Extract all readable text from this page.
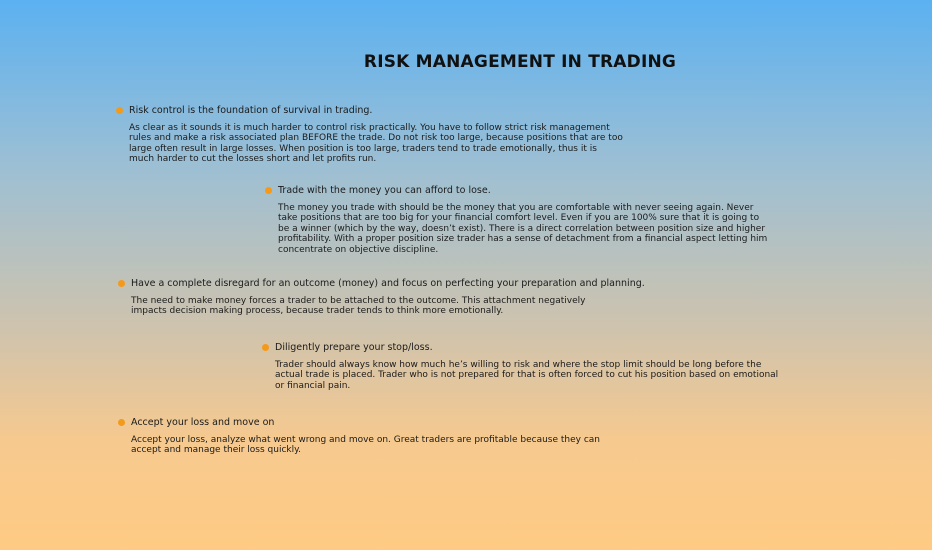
RISK MANAGEMENT IN TRADING
Risk control is the foundation of survival in trading.
As clear as it sounds it is much harder to control risk practically. You have to follow strict risk management rules and make a risk associated plan BEFORE the trade. Do not risk too large, because positions that are too large often result in large losses. When position is too large, traders tend to trade emotionally, thus it is much harder to cut the losses short and let profits run.
Trade with the money you can afford to lose.
The money you trade with should be the money that you are comfortable with never seeing again. Never take positions that are too big for your financial comfort level. Even if you are 100% sure that it is going to be a winner (which by the way, doesn’t exist). There is a direct correlation between position size and higher profitability. With a proper position size trader has a sense of detachment from a financial aspect letting him concentrate on objective discipline.
Have a complete disregard for an outcome (money) and focus on perfecting your preparation and planning.
The need to make money forces a trader to be attached to the outcome. This attachment negatively impacts decision making process, because trader tends to think more emotionally.
Diligently prepare your stop/loss.
Trader should always know how much he’s willing to risk and where the stop limit should be long before the actual trade is placed. Trader who is not prepared for that is often forced to cut his position based on emotional or financial pain.
Accept your loss and move on
Accept your loss, analyze what went wrong and move on. Great traders are profitable because they can accept and manage their loss quickly.
